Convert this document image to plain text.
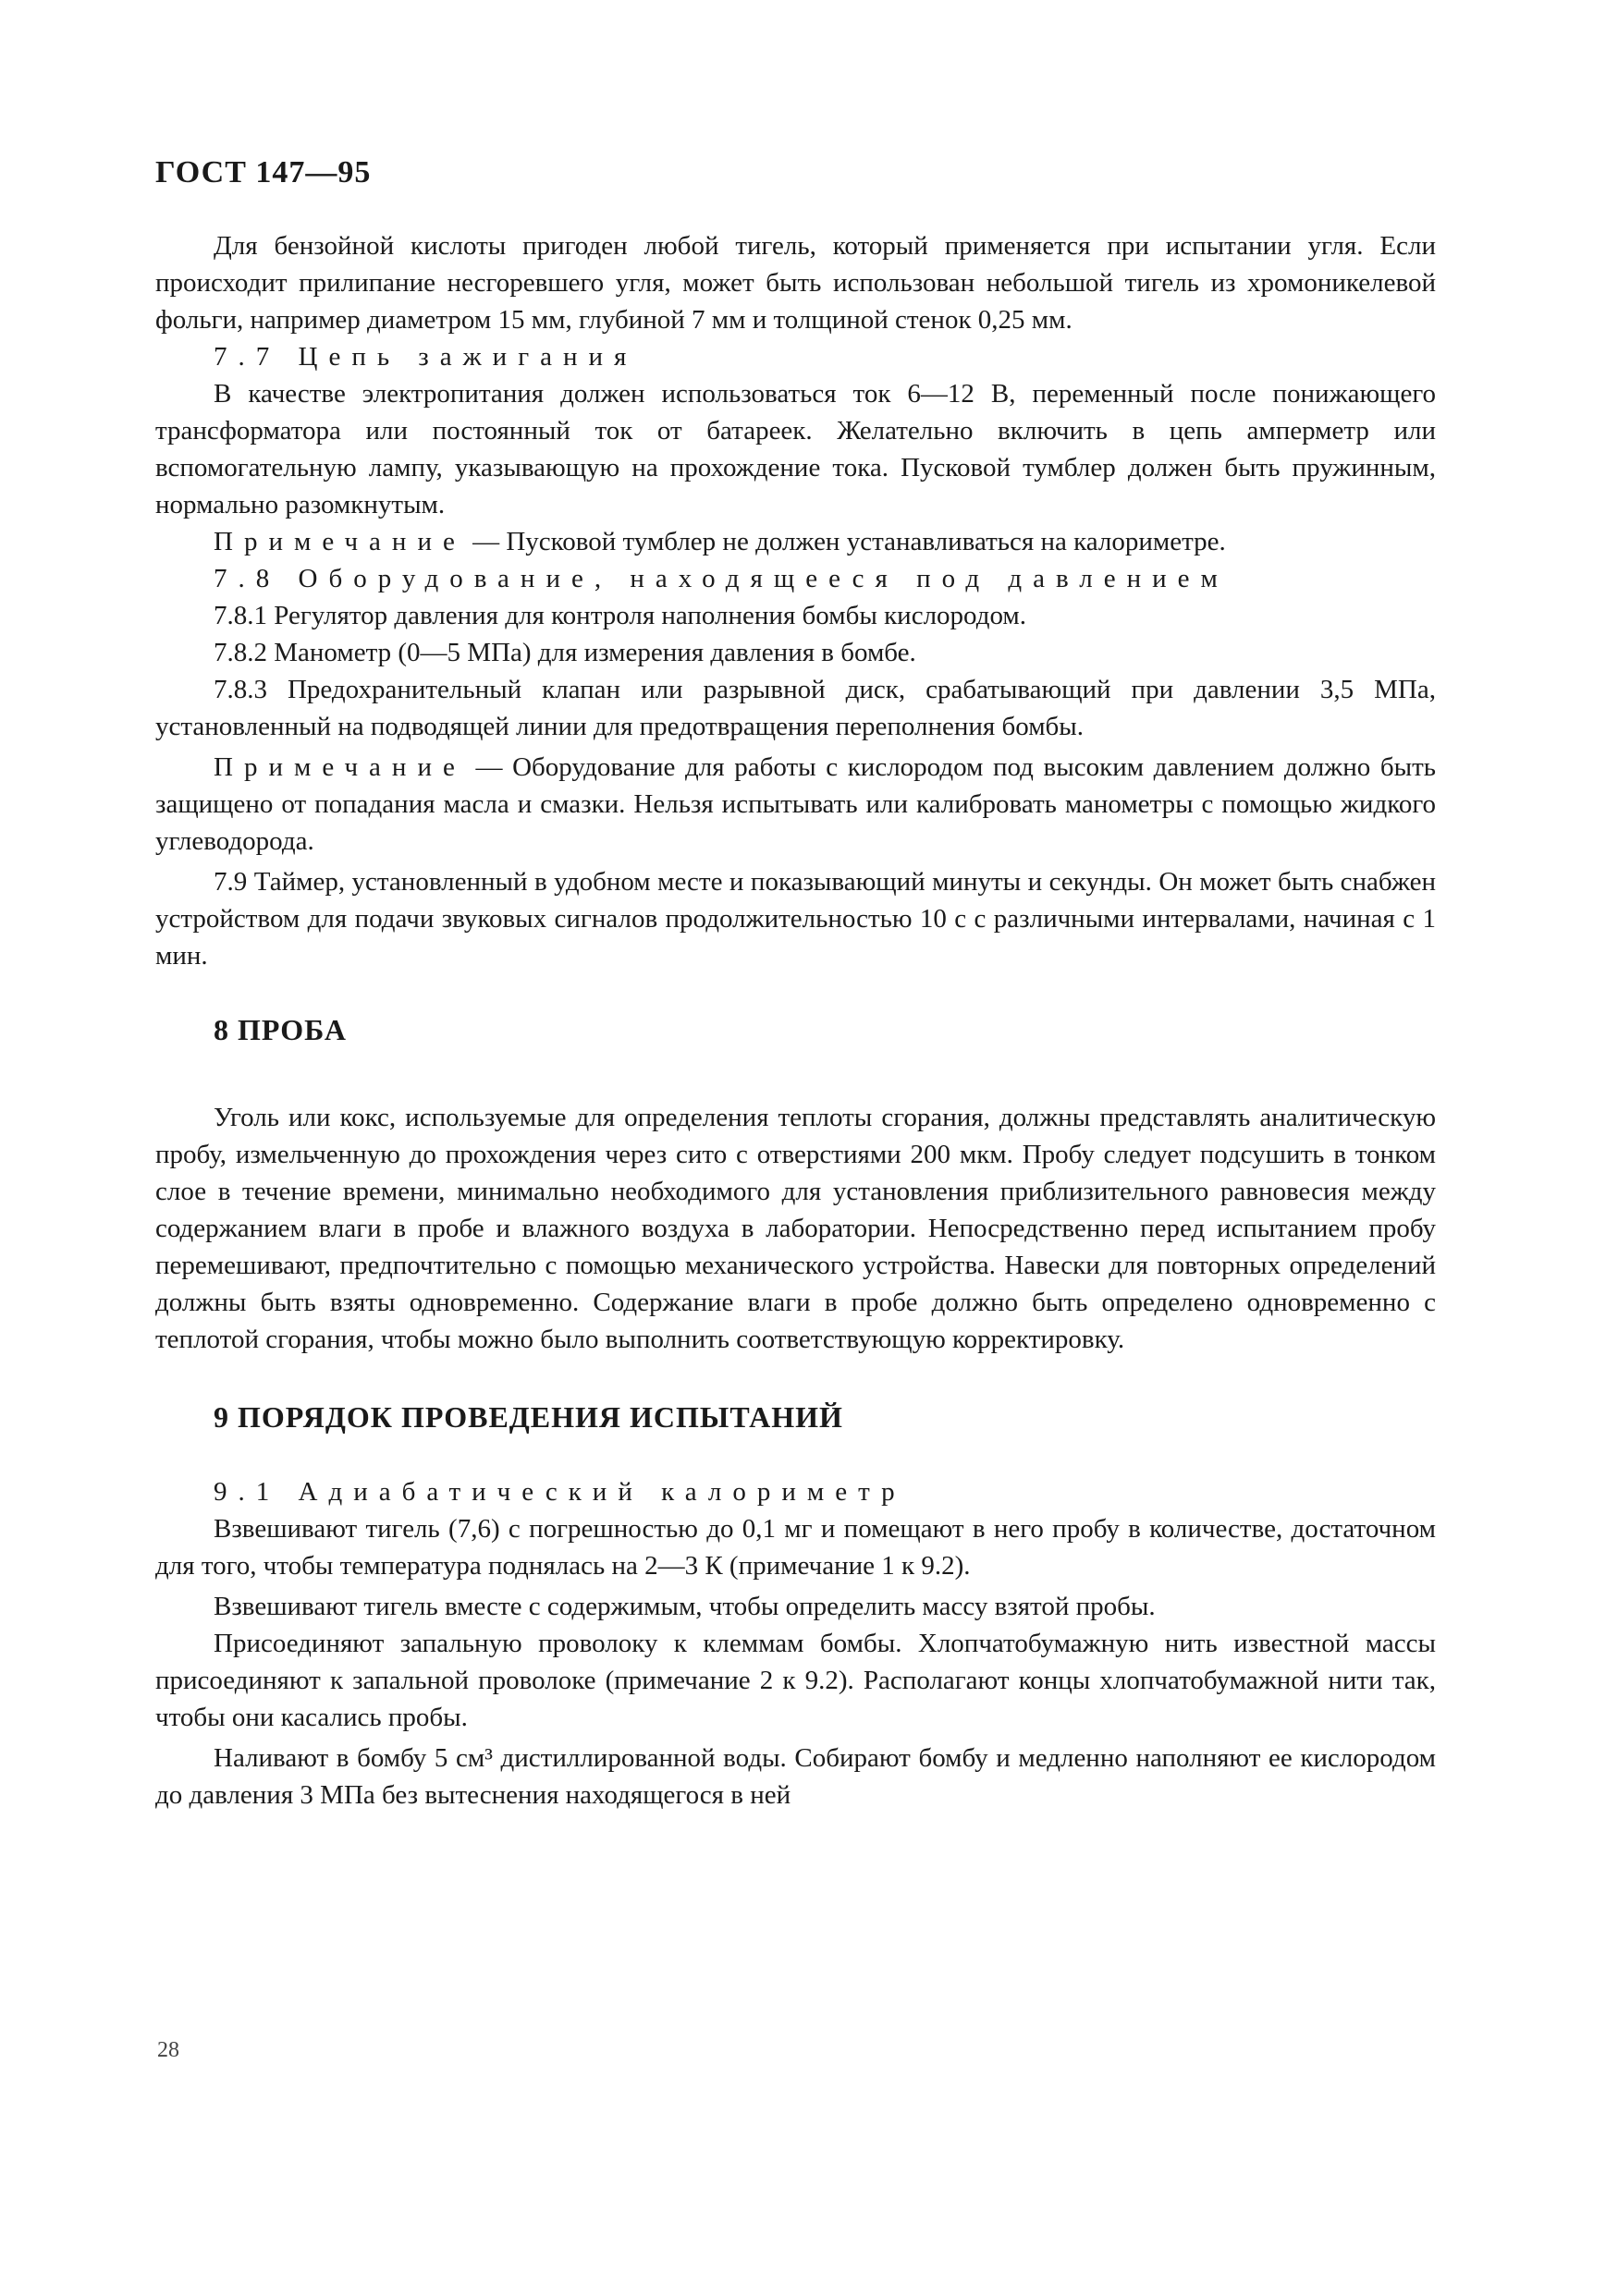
ГОСТ 147—95

Для бензойной кислоты пригоден любой тигель, который применяется при испытании угля. Если происходит прилипание несгоревшего угля, может быть использован небольшой тигель из хромоникелевой фольги, например диаметром 15 мм, глубиной 7 мм и толщиной стенок 0,25 мм.

7.7 Цепь зажигания

В качестве электропитания должен использоваться ток 6—12 В, переменный после понижающего трансформатора или постоянный ток от батареек. Желательно включить в цепь амперметр или вспомогательную лампу, указывающую на прохождение тока. Пусковой тумблер должен быть пружинным, нормально разомкнутым.

Примечание — Пусковой тумблер не должен устанавливаться на калориметре.

7.8 Оборудование, находящееся под давлением

7.8.1 Регулятор давления для контроля наполнения бомбы кислородом.

7.8.2 Манометр (0—5 МПа) для измерения давления в бомбе.

7.8.3 Предохранительный клапан или разрывной диск, срабатывающий при давлении 3,5 МПа, установленный на подводящей линии для предотвращения переполнения бомбы.

Примечание — Оборудование для работы с кислородом под высоким давлением должно быть защищено от попадания масла и смазки. Нельзя испытывать или калибровать манометры с помощью жидкого углеводорода.

7.9 Таймер, установленный в удобном месте и показывающий минуты и секунды. Он может быть снабжен устройством для подачи звуковых сигналов продолжительностью 10 с с различными интервалами, начиная с 1 мин.

8 ПРОБА

Уголь или кокс, используемые для определения теплоты сгорания, должны представлять аналитическую пробу, измельченную до прохождения через сито с отверстиями 200 мкм. Пробу следует подсушить в тонком слое в течение времени, минимально необходимого для установления приблизительного равновесия между содержанием влаги в пробе и влажного воздуха в лаборатории. Непосредственно перед испытанием пробу перемешивают, предпочтительно с помощью механического устройства. Навески для повторных определений должны быть взяты одновременно. Содержание влаги в пробе должно быть определено одновременно с теплотой сгорания, чтобы можно было выполнить соответствующую корректировку.

9 ПОРЯДОК ПРОВЕДЕНИЯ ИСПЫТАНИЙ

9.1 Адиабатический калориметр

Взвешивают тигель (7,6) с погрешностью до 0,1 мг и помещают в него пробу в количестве, достаточном для того, чтобы температура поднялась на 2—3 К (примечание 1 к 9.2).

Взвешивают тигель вместе с содержимым, чтобы определить массу взятой пробы.

Присоединяют запальную проволоку к клеммам бомбы. Хлопчатобумажную нить известной массы присоединяют к запальной проволоке (примечание 2 к 9.2). Располагают концы хлопчатобумажной нити так, чтобы они касались пробы.

Наливают в бомбу 5 см³ дистиллированной воды. Собирают бомбу и медленно наполняют ее кислородом до давления 3 МПа без вытеснения находящегося в ней

28
